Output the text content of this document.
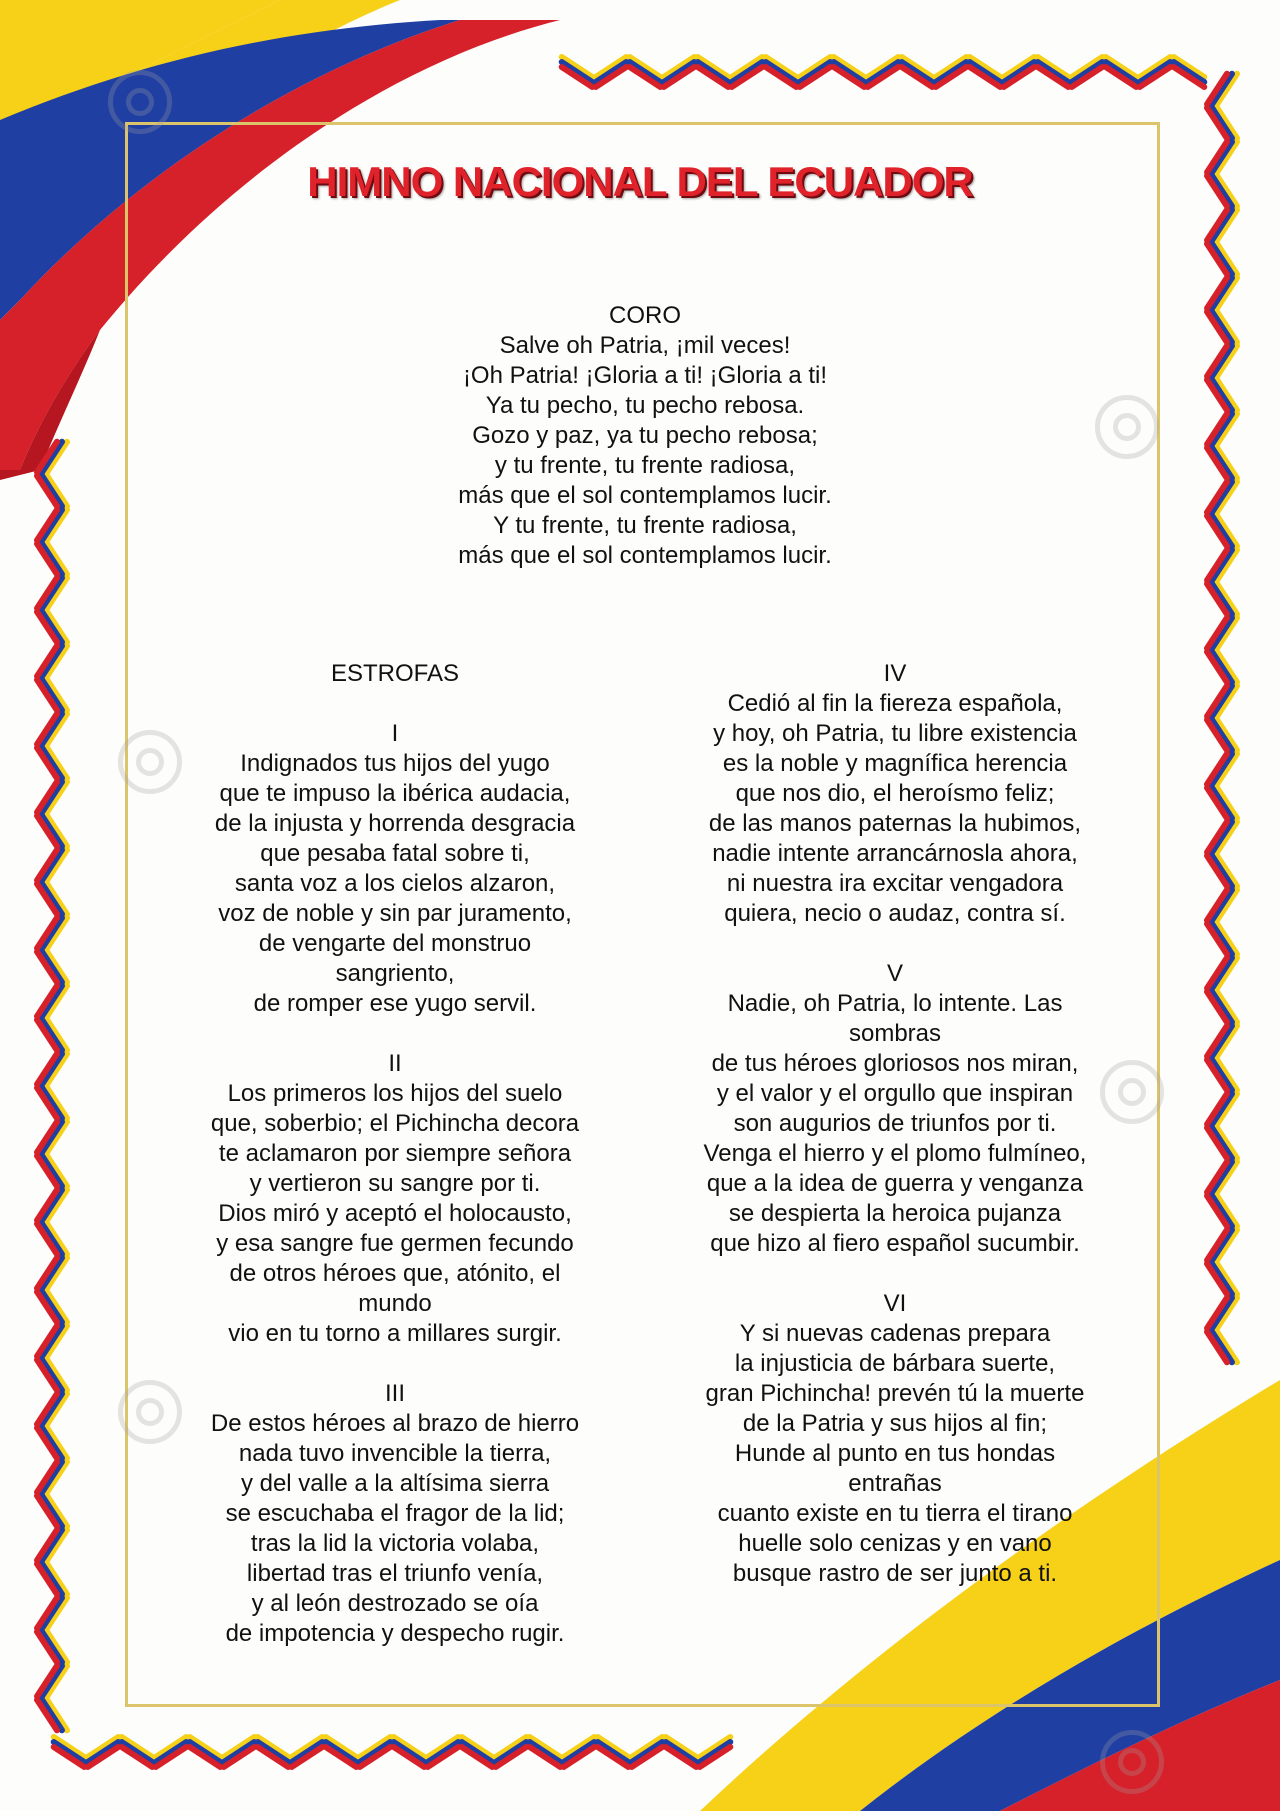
HIMNO NACIONAL DEL ECUADOR
CORO
Salve oh Patria, ¡mil veces!
¡Oh Patria! ¡Gloria a ti! ¡Gloria a ti!
Ya tu pecho, tu pecho rebosa.
Gozo y paz, ya tu pecho rebosa;
y tu frente, tu frente radiosa,
más que el sol contemplamos lucir.
Y tu frente, tu frente radiosa,
más que el sol contemplamos lucir.
ESTROFAS
I
Indignados tus hijos del yugo
que te impuso la ibérica audacia,
de la injusta y horrenda desgracia
que pesaba fatal sobre ti,
santa voz a los cielos alzaron,
voz de noble y sin par juramento,
de vengarte del monstruo
sangriento,
de romper ese yugo servil.
II
Los primeros los hijos del suelo
que, soberbio; el Pichincha decora
te aclamaron por siempre señora
y vertieron su sangre por ti.
Dios miró y aceptó el holocausto,
y esa sangre fue germen fecundo
de otros héroes que, atónito, el
mundo
vio en tu torno a millares surgir.
III
De estos héroes al brazo de hierro
nada tuvo invencible la tierra,
y del valle a la altísima sierra
se escuchaba el fragor de la lid;
tras la lid la victoria volaba,
libertad tras el triunfo venía,
y al león destrozado se oía
de impotencia y despecho rugir.
IV
Cedió al fin la fiereza española,
y hoy, oh Patria, tu libre existencia
es la noble y magnífica herencia
que nos dio, el heroísmo feliz;
de las manos paternas la hubimos,
nadie intente arrancárnosla ahora,
ni nuestra ira excitar vengadora
quiera, necio o audaz, contra sí.
V
Nadie, oh Patria, lo intente. Las
sombras
de tus héroes gloriosos nos miran,
y el valor y el orgullo que inspiran
son augurios de triunfos por ti.
Venga el hierro y el plomo fulmíneo,
que a la idea de guerra y venganza
se despierta la heroica pujanza
que hizo al fiero español sucumbir.
VI
Y si nuevas cadenas prepara
la injusticia de bárbara suerte,
gran Pichincha! prevén tú la muerte
de la Patria y sus hijos al fin;
Hunde al punto en tus hondas
entrañas
cuanto existe en tu tierra el tirano
huelle solo cenizas y en vano
busque rastro de ser junto a ti.
